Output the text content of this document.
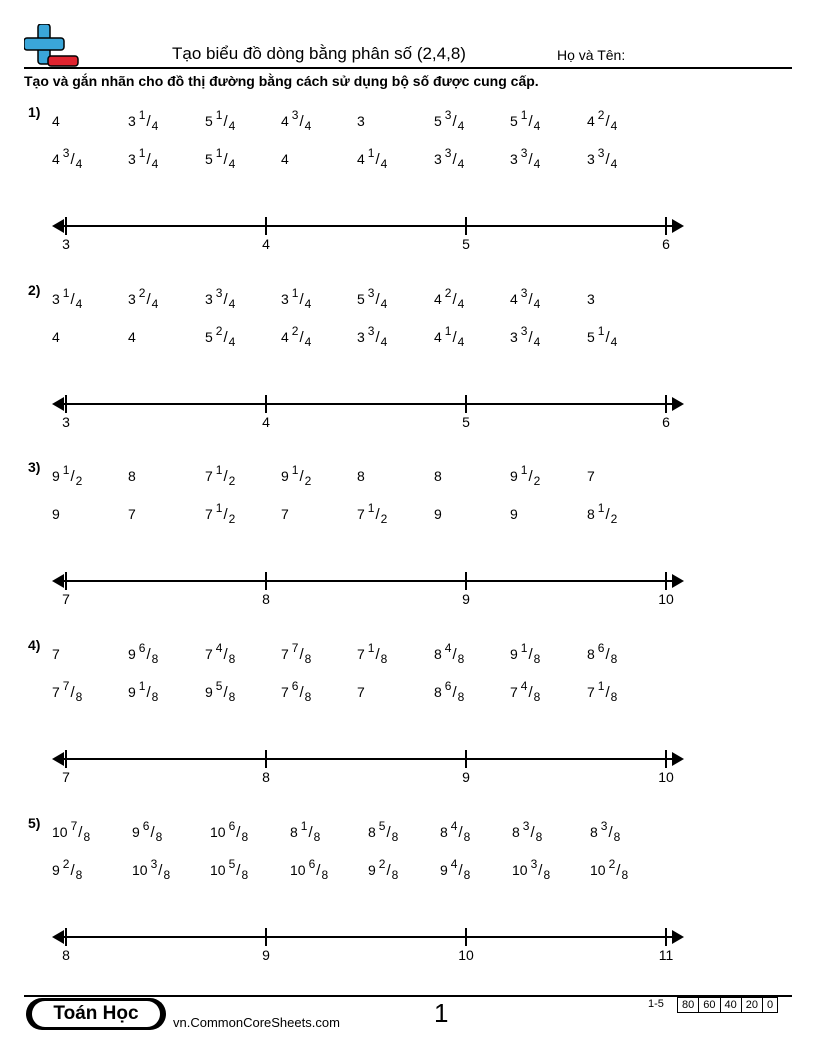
Tạo biểu đồ dòng bằng phân số (2,4,8)	Họ và Tên:
Tạo và gắn nhãn cho đồ thị đường bằng cách sử dụng bộ số được cung cấp.
1)
4	3 1/4	5 1/4	4 3/4	3	5 3/4	5 1/4	4 2/4
4 3/4	3 1/4	5 1/4	4	4 1/4	3 3/4	3 3/4	3 3/4
3	4	5	6
2)
3 1/4	3 2/4	3 3/4	3 1/4	5 3/4	4 2/4	4 3/4	3
4	4	5 2/4	4 2/4	3 3/4	4 1/4	3 3/4	5 1/4
3	4	5	6
3)
9 1/2	8	7 1/2	9 1/2	8	8	9 1/2	7
9	7	7 1/2	7	7 1/2	9	9	8 1/2
7	8	9	10
4)
7	9 6/8	7 4/8	7 7/8	7 1/8	8 4/8	9 1/8	8 6/8
7 7/8	9 1/8	9 5/8	7 6/8	7	8 6/8	7 4/8	7 1/8
7	8	9	10
5)
10 7/8	9 6/8	10 6/8	8 1/8	8 5/8	8 4/8	8 3/8	8 3/8
9 2/8	10 3/8	10 5/8	10 6/8	9 2/8	9 4/8	10 3/8	10 2/8
8	9	10	11
Toán Học	vn.CommonCoreSheets.com	1	1-5	80 60 40 20 0
